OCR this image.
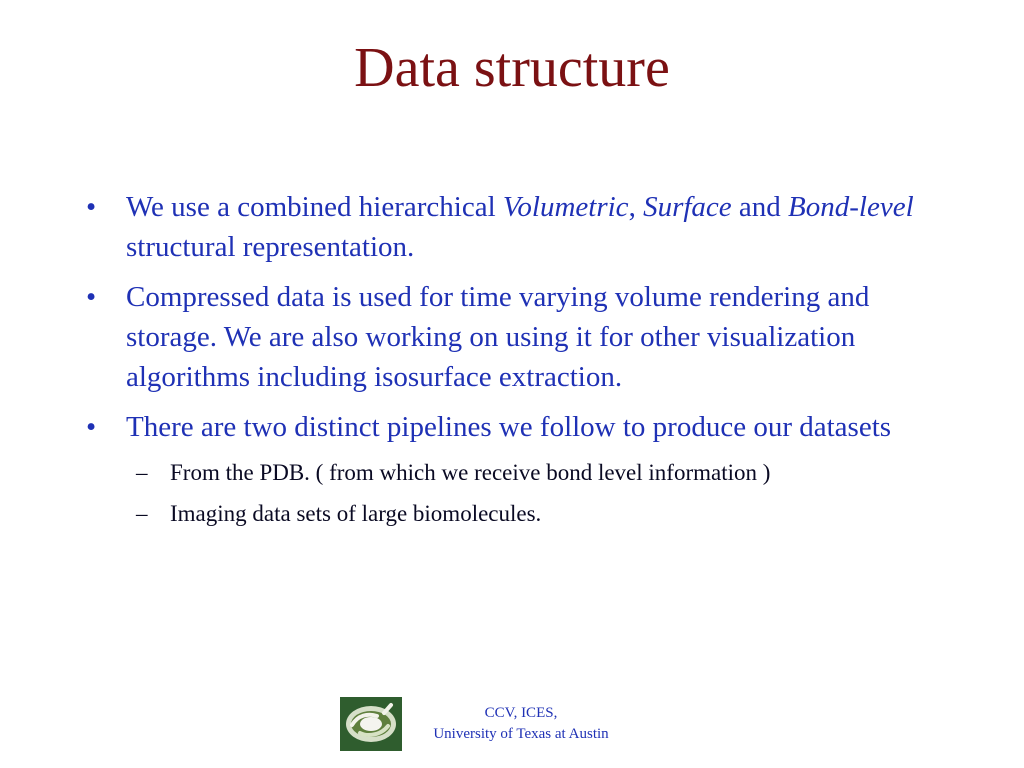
Data structure
• We use a combined hierarchical Volumetric, Surface and Bond-level structural representation.
• Compressed data is used for time varying volume rendering and storage. We are also working on using it for other visualization algorithms including isosurface extraction.
• There are two distinct pipelines we follow to produce our datasets
– From the PDB. ( from which we receive bond level information )
– Imaging data sets of large biomolecules.
CCV, ICES,
University of Texas at Austin
